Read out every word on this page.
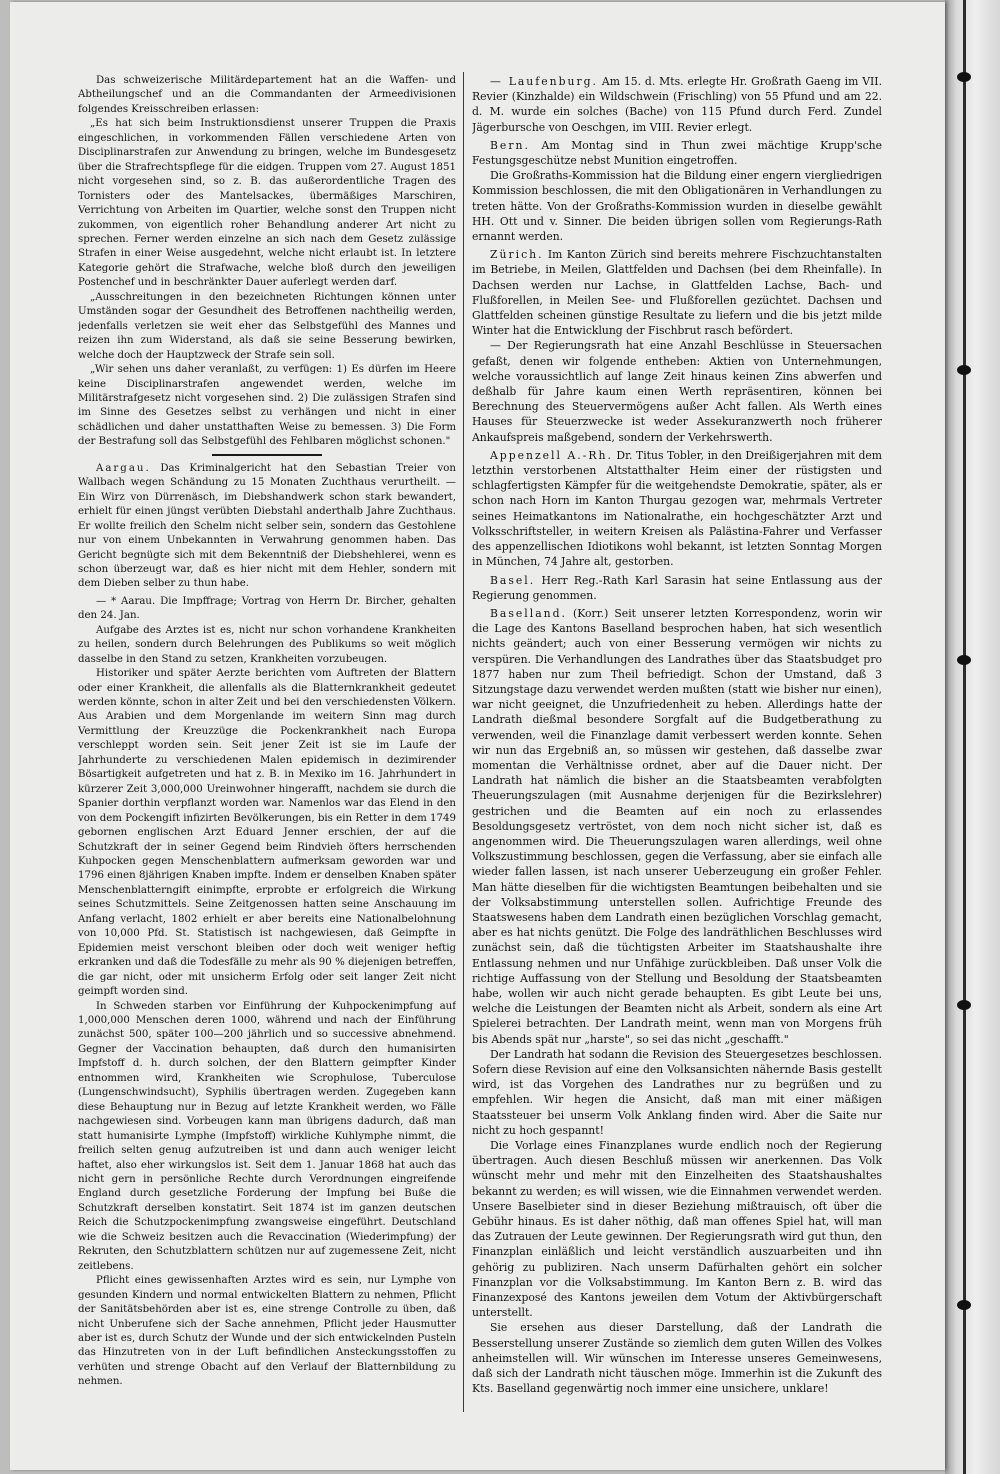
Das schweizerische Militärdepartement hat an die Waffen- und Abtheilungschef und an die Commandanten der Armeedivisionen folgendes Kreisschreiben erlassen:

„Es hat sich beim Instruktionsdienst unserer Truppen die Praxis eingeschlichen, in vorkommenden Fällen verschiedene Arten von Disciplinarstrafen zur Anwendung zu bringen, welche im Bundesgesetz über die Strafrechtspflege für die eidgen. Truppen vom 27. August 1851 nicht vorgesehen sind, so z. B. das außerordentliche Tragen des Tornisters oder des Mantelsackes, übermäßiges Marschiren, Verrichtung von Arbeiten im Quartier, welche sonst den Truppen nicht zukommen, von eigentlich roher Behandlung anderer Art nicht zu sprechen. Ferner werden einzelne an sich nach dem Gesetz zulässige Strafen in einer Weise ausgedehnt, welche nicht erlaubt ist. In letztere Kategorie gehört die Strafwache, welche bloß durch den jeweiligen Postenchef und in beschränkter Dauer auferlegt werden darf.

„Ausschreitungen in den bezeichneten Richtungen können unter Umständen sogar der Gesundheit des Betroffenen nachtheilig werden, jedenfalls verletzen sie weit eher das Selbstgefühl des Mannes und reizen ihn zum Widerstand, als daß sie seine Besserung bewirken, welche doch der Hauptzweck der Strafe sein soll.

„Wir sehen uns daher veranlaßt, zu verfügen: 1) Es dürfen im Heere keine Disciplinarstrafen angewendet werden, welche im Militärstrafgesetz nicht vorgesehen sind. 2) Die zulässigen Strafen sind im Sinne des Gesetzes selbst zu verhängen und nicht in einer schädlichen und daher unstatthaften Weise zu bemessen. 3) Die Form der Bestrafung soll das Selbstgefühl des Fehlbaren möglichst schonen."

Aargau. Das Kriminalgericht hat den Sebastian Treier von Wallbach wegen Schändung zu 15 Monaten Zuchthaus verurtheilt. — Ein Wirz von Dürrenäsch, im Diebshandwerk schon stark bewandert, erhielt für einen jüngst verübten Diebstahl anderthalb Jahre Zuchthaus. Er wollte freilich den Schelm nicht selber sein, sondern das Gestohlene nur von einem Unbekannten in Verwahrung genommen haben. Das Gericht begnügte sich mit dem Bekenntniß der Diebshehlerei, wenn es schon überzeugt war, daß es hier nicht mit dem Hehler, sondern mit dem Dieben selber zu thun habe.

— * Aarau. Die Impffrage; Vortrag von Herrn Dr. Bircher, gehalten den 24. Jan.

Aufgabe des Arztes ist es, nicht nur schon vorhandene Krankheiten zu heilen, sondern durch Belehrungen des Publikums so weit möglich dasselbe in den Stand zu setzen, Krankheiten vorzubeugen.

Historiker und später Aerzte berichten vom Auftreten der Blattern oder einer Krankheit, die allenfalls als die Blatternkrankheit gedeutet werden könnte, schon in alter Zeit und bei den verschiedensten Völkern. Aus Arabien und dem Morgenlande im weitern Sinn mag durch Vermittlung der Kreuzzüge die Pockenkrankheit nach Europa verschleppt worden sein. Seit jener Zeit ist sie im Laufe der Jahrhunderte zu verschiedenen Malen epidemisch in dezimirender Bösartigkeit aufgetreten und hat z. B. in Mexiko im 16. Jahrhundert in kürzerer Zeit 3,000,000 Ureinwohner hingerafft, nachdem sie durch die Spanier dorthin verpflanzt worden war. Namenlos war das Elend in den von dem Pockengift infizirten Bevölkerungen, bis ein Retter in dem 1749 gebornen englischen Arzt Eduard Jenner erschien, der auf die Schutzkraft der in seiner Gegend beim Rindvieh öfters herrschenden Kuhpocken gegen Menschenblattern aufmerksam geworden war und 1796 einen 8jährigen Knaben impfte. Indem er denselben Knaben später Menschenblatterngift einimpfte, erprobte er erfolgreich die Wirkung seines Schutzmittels. Seine Zeitgenossen hatten seine Anschauung im Anfang verlacht, 1802 erhielt er aber bereits eine Nationalbelohnung von 10,000 Pfd. St. Statistisch ist nachgewiesen, daß Geimpfte in Epidemien meist verschont bleiben oder doch weit weniger heftig erkranken und daß die Todesfälle zu mehr als 90 % diejenigen betreffen, die gar nicht, oder mit unsicherm Erfolg oder seit langer Zeit nicht geimpft worden sind.

In Schweden starben vor Einführung der Kuhpockenimpfung auf 1,000,000 Menschen deren 1000, während und nach der Einführung zunächst 500, später 100—200 jährlich und so successive abnehmend. Gegner der Vaccination behaupten, daß durch den humanisirten Impfstoff d. h. durch solchen, der den Blattern geimpfter Kinder entnommen wird, Krankheiten wie Scrophulose, Tuberculose (Lungenschwindsucht), Syphilis übertragen werden. Zugegeben kann diese Behauptung nur in Bezug auf letzte Krankheit werden, wo Fälle nachgewiesen sind. Vorbeugen kann man übrigens dadurch, daß man statt humanisirte Lymphe (Impfstoff) wirkliche Kuhlymphe nimmt, die freilich selten genug aufzutreiben ist und dann auch weniger leicht haftet, also eher wirkungslos ist. Seit dem 1. Januar 1868 hat auch das nicht gern in persönliche Rechte durch Verordnungen eingreifende England durch gesetzliche Forderung der Impfung bei Buße die Schutzkraft derselben konstatirt. Seit 1874 ist im ganzen deutschen Reich die Schutzpockenimpfung zwangsweise eingeführt. Deutschland wie die Schweiz besitzen auch die Revaccination (Wiederimpfung) der Rekruten, den Schutzblattern schützen nur auf zugemessene Zeit, nicht zeitlebens.

Pflicht eines gewissenhaften Arztes wird es sein, nur Lymphe von gesunden Kindern und normal entwickelten Blattern zu nehmen, Pflicht der Sanitätsbehörden aber ist es, eine strenge Controlle zu üben, daß nicht Unberufene sich der Sache annehmen, Pflicht jeder Hausmutter aber ist es, durch Schutz der Wunde und der sich entwickelnden Pusteln das Hinzutreten von in der Luft befindlichen Ansteckungsstoffen zu verhüten und strenge Obacht auf den Verlauf der Blatternbildung zu nehmen.

— Laufenburg. Am 15. d. Mts. erlegte Hr. Großrath Gaeng im VII. Revier (Kinzhalde) ein Wildschwein (Frischling) von 55 Pfund und am 22. d. M. wurde ein solches (Bache) von 115 Pfund durch Ferd. Zundel Jägerbursche von Oeschgen, im VIII. Revier erlegt.

Bern. Am Montag sind in Thun zwei mächtige Krupp'sche Festungsgeschütze nebst Munition eingetroffen.

Die Großraths-Kommission hat die Bildung einer engern viergliedrigen Kommission beschlossen, die mit den Obligationären in Verhandlungen zu treten hätte. Von der Großraths-Kommission wurden in dieselbe gewählt HH. Ott und v. Sinner. Die beiden übrigen sollen vom Regierungs-Rath ernannt werden.

Zürich. Im Kanton Zürich sind bereits mehrere Fischzuchtanstalten im Betriebe, in Meilen, Glattfelden und Dachsen (bei dem Rheinfalle). In Dachsen werden nur Lachse, in Glattfelden Lachse, Bach- und Flußforellen, in Meilen See- und Flußforellen gezüchtet. Dachsen und Glattfelden scheinen günstige Resultate zu liefern und die bis jetzt milde Winter hat die Entwicklung der Fischbrut rasch befördert.

— Der Regierungsrath hat eine Anzahl Beschlüsse in Steuersachen gefaßt, denen wir folgende entheben: Aktien von Unternehmungen, welche voraussichtlich auf lange Zeit hinaus keinen Zins abwerfen und deßhalb für Jahre kaum einen Werth repräsentiren, können bei Berechnung des Steuervermögens außer Acht fallen. Als Werth eines Hauses für Steuerzwecke ist weder Assekuranzwerth noch früherer Ankaufspreis maßgebend, sondern der Verkehrswerth.

Appenzell A.-Rh. Dr. Titus Tobler, in den Dreißigerjahren mit dem letzthin verstorbenen Altstatthalter Heim einer der rüstigsten und schlagfertigsten Kämpfer für die weitgehendste Demokratie, später, als er schon nach Horn im Kanton Thurgau gezogen war, mehrmals Vertreter seines Heimatkantons im Nationalrathe, ein hochgeschätzter Arzt und Volksschriftsteller, in weitern Kreisen als Palästina-Fahrer und Verfasser des appenzellischen Idiotikons wohl bekannt, ist letzten Sonntag Morgen in München, 74 Jahre alt, gestorben.

Basel. Herr Reg.-Rath Karl Sarasin hat seine Entlassung aus der Regierung genommen.

Baselland. (Korr.) Seit unserer letzten Korrespondenz, worin wir die Lage des Kantons Baselland besprochen haben, hat sich wesentlich nichts geändert; auch von einer Besserung vermögen wir nichts zu verspüren. Die Verhandlungen des Landrathes über das Staatsbudget pro 1877 haben nur zum Theil befriedigt. Schon der Umstand, daß 3 Sitzungstage dazu verwendet werden mußten (statt wie bisher nur einen), war nicht geeignet, die Unzufriedenheit zu heben. Allerdings hatte der Landrath dießmal besondere Sorgfalt auf die Budgetberathung zu verwenden, weil die Finanzlage damit verbessert werden konnte. Sehen wir nun das Ergebniß an, so müssen wir gestehen, daß dasselbe zwar momentan die Verhältnisse ordnet, aber auf die Dauer nicht. Der Landrath hat nämlich die bisher an die Staatsbeamten verabfolgten Theuerungszulagen (mit Ausnahme derjenigen für die Bezirkslehrer) gestrichen und die Beamten auf ein noch zu erlassendes Besoldungsgesetz vertröstet, von dem noch nicht sicher ist, daß es angenommen wird. Die Theuerungszulagen waren allerdings, weil ohne Volkszustimmung beschlossen, gegen die Verfassung, aber sie einfach alle wieder fallen lassen, ist nach unserer Ueberzeugung ein großer Fehler. Man hätte dieselben für die wichtigsten Beamtungen beibehalten und sie der Volksabstimmung unterstellen sollen. Aufrichtige Freunde des Staatswesens haben dem Landrath einen bezüglichen Vorschlag gemacht, aber es hat nichts genützt. Die Folge des landräthlichen Beschlusses wird zunächst sein, daß die tüchtigsten Arbeiter im Staatshaushalte ihre Entlassung nehmen und nur Unfähige zurückbleiben. Daß unser Volk die richtige Auffassung von der Stellung und Besoldung der Staatsbeamten habe, wollen wir auch nicht gerade behaupten. Es gibt Leute bei uns, welche die Leistungen der Beamten nicht als Arbeit, sondern als eine Art Spielerei betrachten. Der Landrath meint, wenn man von Morgens früh bis Abends spät nur „harste", so sei das nicht „geschafft."

Der Landrath hat sodann die Revision des Steuergesetzes beschlossen. Sofern diese Revision auf eine den Volksansichten nähernde Basis gestellt wird, ist das Vorgehen des Landrathes nur zu begrüßen und zu empfehlen. Wir hegen die Ansicht, daß man mit einer mäßigen Staatssteuer bei unserm Volk Anklang finden wird. Aber die Saite nur nicht zu hoch gespannt!

Die Vorlage eines Finanzplanes wurde endlich noch der Regierung übertragen. Auch diesen Beschluß müssen wir anerkennen. Das Volk wünscht mehr und mehr mit den Einzelheiten des Staatshaushaltes bekannt zu werden; es will wissen, wie die Einnahmen verwendet werden. Unsere Baselbieter sind in dieser Beziehung mißtrauisch, oft über die Gebühr hinaus. Es ist daher nöthig, daß man offenes Spiel hat, will man das Zutrauen der Leute gewinnen. Der Regierungsrath wird gut thun, den Finanzplan einläßlich und leicht verständlich auszuarbeiten und ihn gehörig zu publiziren. Nach unserm Dafürhalten gehört ein solcher Finanzplan vor die Volksabstimmung. Im Kanton Bern z. B. wird das Finanzexposé des Kantons jeweilen dem Votum der Aktivbürgerschaft unterstellt.

Sie ersehen aus dieser Darstellung, daß der Landrath die Besserstellung unserer Zustände so ziemlich dem guten Willen des Volkes anheimstellen will. Wir wünschen im Interesse unseres Gemeinwesens, daß sich der Landrath nicht täuschen möge. Immerhin ist die Zukunft des Kts. Baselland gegenwärtig noch immer eine unsichere, unklare!
